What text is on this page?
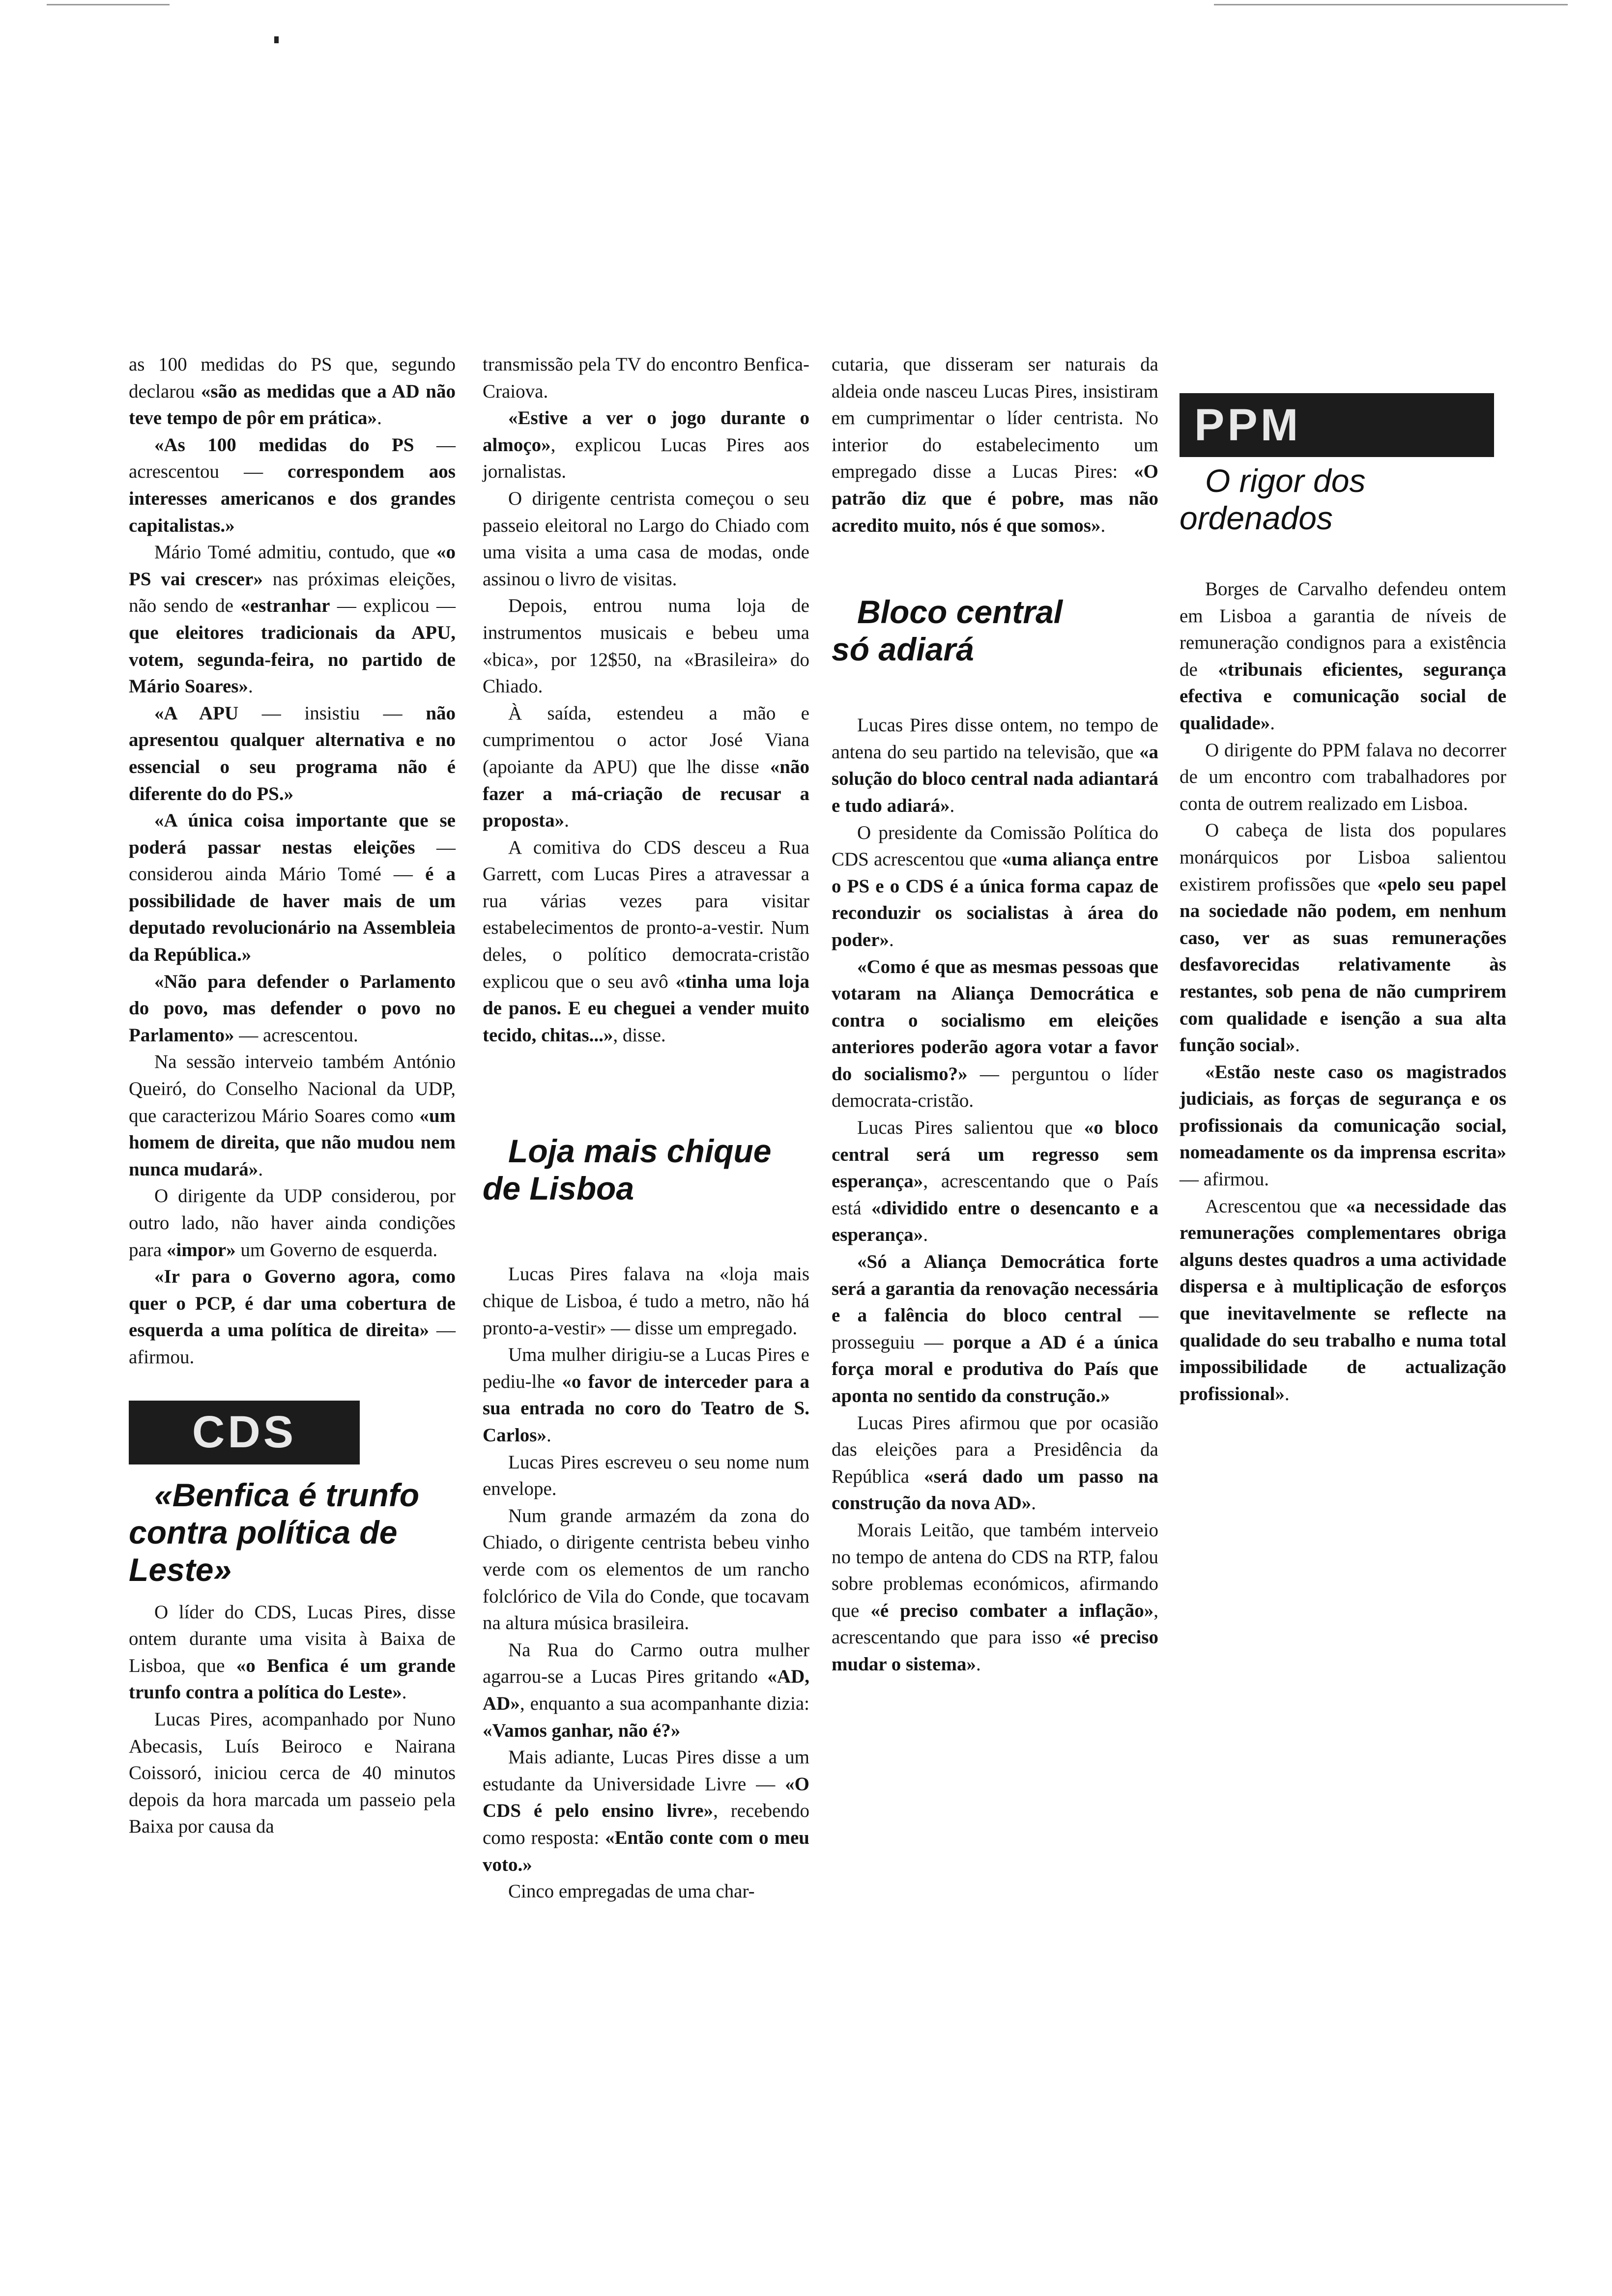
as 100 medidas do PS que, segundo declarou «são as medidas que a AD não teve tempo de pôr em prática».

«As 100 medidas do PS — acrescentou — correspondem aos interesses americanos e dos grandes capitalistas.»

Mário Tomé admitiu, contudo, que «o PS vai crescer» nas próximas eleições, não sendo de «estranhar — explicou — que eleitores tradicionais da APU, votem, segunda-feira, no partido de Mário Soares».

«A APU — insistiu — não apresentou qualquer alternativa e no essencial o seu programa não é diferente do do PS.»

«A única coisa importante que se poderá passar nestas eleições — considerou ainda Mário Tomé — é a possibilidade de haver mais de um deputado revolucionário na Assembleia da República.»

«Não para defender o Parlamento do povo, mas defender o povo no Parlamento» — acrescentou.

Na sessão interveio também António Queiró, do Conselho Nacional da UDP, que caracterizou Mário Soares como «um homem de direita, que não mudou nem nunca mudará».

O dirigente da UDP considerou, por outro lado, não haver ainda condições para «impor» um Governo de esquerda.

«Ir para o Governo agora, como quer o PCP, é dar uma cobertura de esquerda a uma política de direita» — afirmou.

CDS

«Benfica é trunfo contra política de Leste»

O líder do CDS, Lucas Pires, disse ontem durante uma visita à Baixa de Lisboa, que «o Benfica é um grande trunfo contra a política do Leste».

Lucas Pires, acompanhado por Nuno Abecasis, Luís Beiroco e Nairana Coissoró, iniciou cerca de 40 minutos depois da hora marcada um passeio pela Baixa por causa da

transmissão pela TV do encontro Benfica-Craiova.

«Estive a ver o jogo durante o almoço», explicou Lucas Pires aos jornalistas.

O dirigente centrista começou o seu passeio eleitoral no Largo do Chiado com uma visita a uma casa de modas, onde assinou o livro de visitas.

Depois, entrou numa loja de instrumentos musicais e bebeu uma «bica», por 12$50, na «Brasileira» do Chiado.

À saída, estendeu a mão e cumprimentou o actor José Viana (apoiante da APU) que lhe disse «não fazer a má-criação de recusar a proposta».

A comitiva do CDS desceu a Rua Garrett, com Lucas Pires a atravessar a rua várias vezes para visitar estabelecimentos de pronto-a-vestir. Num deles, o político democrata-cristão explicou que o seu avô «tinha uma loja de panos. E eu cheguei a vender muito tecido, chitas...», disse.

Loja mais chique de Lisboa

Lucas Pires falava na «loja mais chique de Lisboa, é tudo a metro, não há pronto-a-vestir» — disse um empregado.

Uma mulher dirigiu-se a Lucas Pires e pediu-lhe «o favor de interceder para a sua entrada no coro do Teatro de S. Carlos».

Lucas Pires escreveu o seu nome num envelope.

Num grande armazém da zona do Chiado, o dirigente centrista bebeu vinho verde com os elementos de um rancho folclórico de Vila do Conde, que tocavam na altura música brasileira.

Na Rua do Carmo outra mulher agarrou-se a Lucas Pires gritando «AD, AD», enquanto a sua acompanhante dizia: «Vamos ganhar, não é?»

Mais adiante, Lucas Pires disse a um estudante da Universidade Livre — «O CDS é pelo ensino livre», recebendo como resposta: «Então conte com o meu voto.»

Cinco empregadas de uma char-

cutaria, que disseram ser naturais da aldeia onde nasceu Lucas Pires, insistiram em cumprimentar o líder centrista. No interior do estabelecimento um empregado disse a Lucas Pires: «O patrão diz que é pobre, mas não acredito muito, nós é que somos».

Bloco central só adiará

Lucas Pires disse ontem, no tempo de antena do seu partido na televisão, que «a solução do bloco central nada adiantará e tudo adiará».

O presidente da Comissão Política do CDS acrescentou que «uma aliança entre o PS e o CDS é a única forma capaz de reconduzir os socialistas à área do poder».

«Como é que as mesmas pessoas que votaram na Aliança Democrática e contra o socialismo em eleições anteriores poderão agora votar a favor do socialismo?» — perguntou o líder democrata-cristão.

Lucas Pires salientou que «o bloco central será um regresso sem esperança», acrescentando que o País está «dividido entre o desencanto e a esperança».

«Só a Aliança Democrática forte será a garantia da renovação necessária e a falência do bloco central — prosseguiu — porque a AD é a única força moral e produtiva do País que aponta no sentido da construção.»

Lucas Pires afirmou que por ocasião das eleições para a Presidência da República «será dado um passo na construção da nova AD».

Morais Leitão, que também interveio no tempo de antena do CDS na RTP, falou sobre problemas económicos, afirmando que «é preciso combater a inflação», acrescentando que para isso «é preciso mudar o sistema».

PPM

O rigor dos ordenados

Borges de Carvalho defendeu ontem em Lisboa a garantia de níveis de remuneração condignos para a existência de «tribunais eficientes, segurança efectiva e comunicação social de qualidade».

O dirigente do PPM falava no decorrer de um encontro com trabalhadores por conta de outrem realizado em Lisboa.

O cabeça de lista dos populares monárquicos por Lisboa salientou existirem profissões que «pelo seu papel na sociedade não podem, em nenhum caso, ver as suas remunerações desfavorecidas relativamente às restantes, sob pena de não cumprirem com qualidade e isenção a sua alta função social».

«Estão neste caso os magistrados judiciais, as forças de segurança e os profissionais da comunicação social, nomeadamente os da imprensa escrita» — afirmou.

Acrescentou que «a necessidade das remunerações complementares obriga alguns destes quadros a uma actividade dispersa e à multiplicação de esforços que inevitavelmente se reflecte na qualidade do seu trabalho e numa total impossibilidade de actualização profissional».
